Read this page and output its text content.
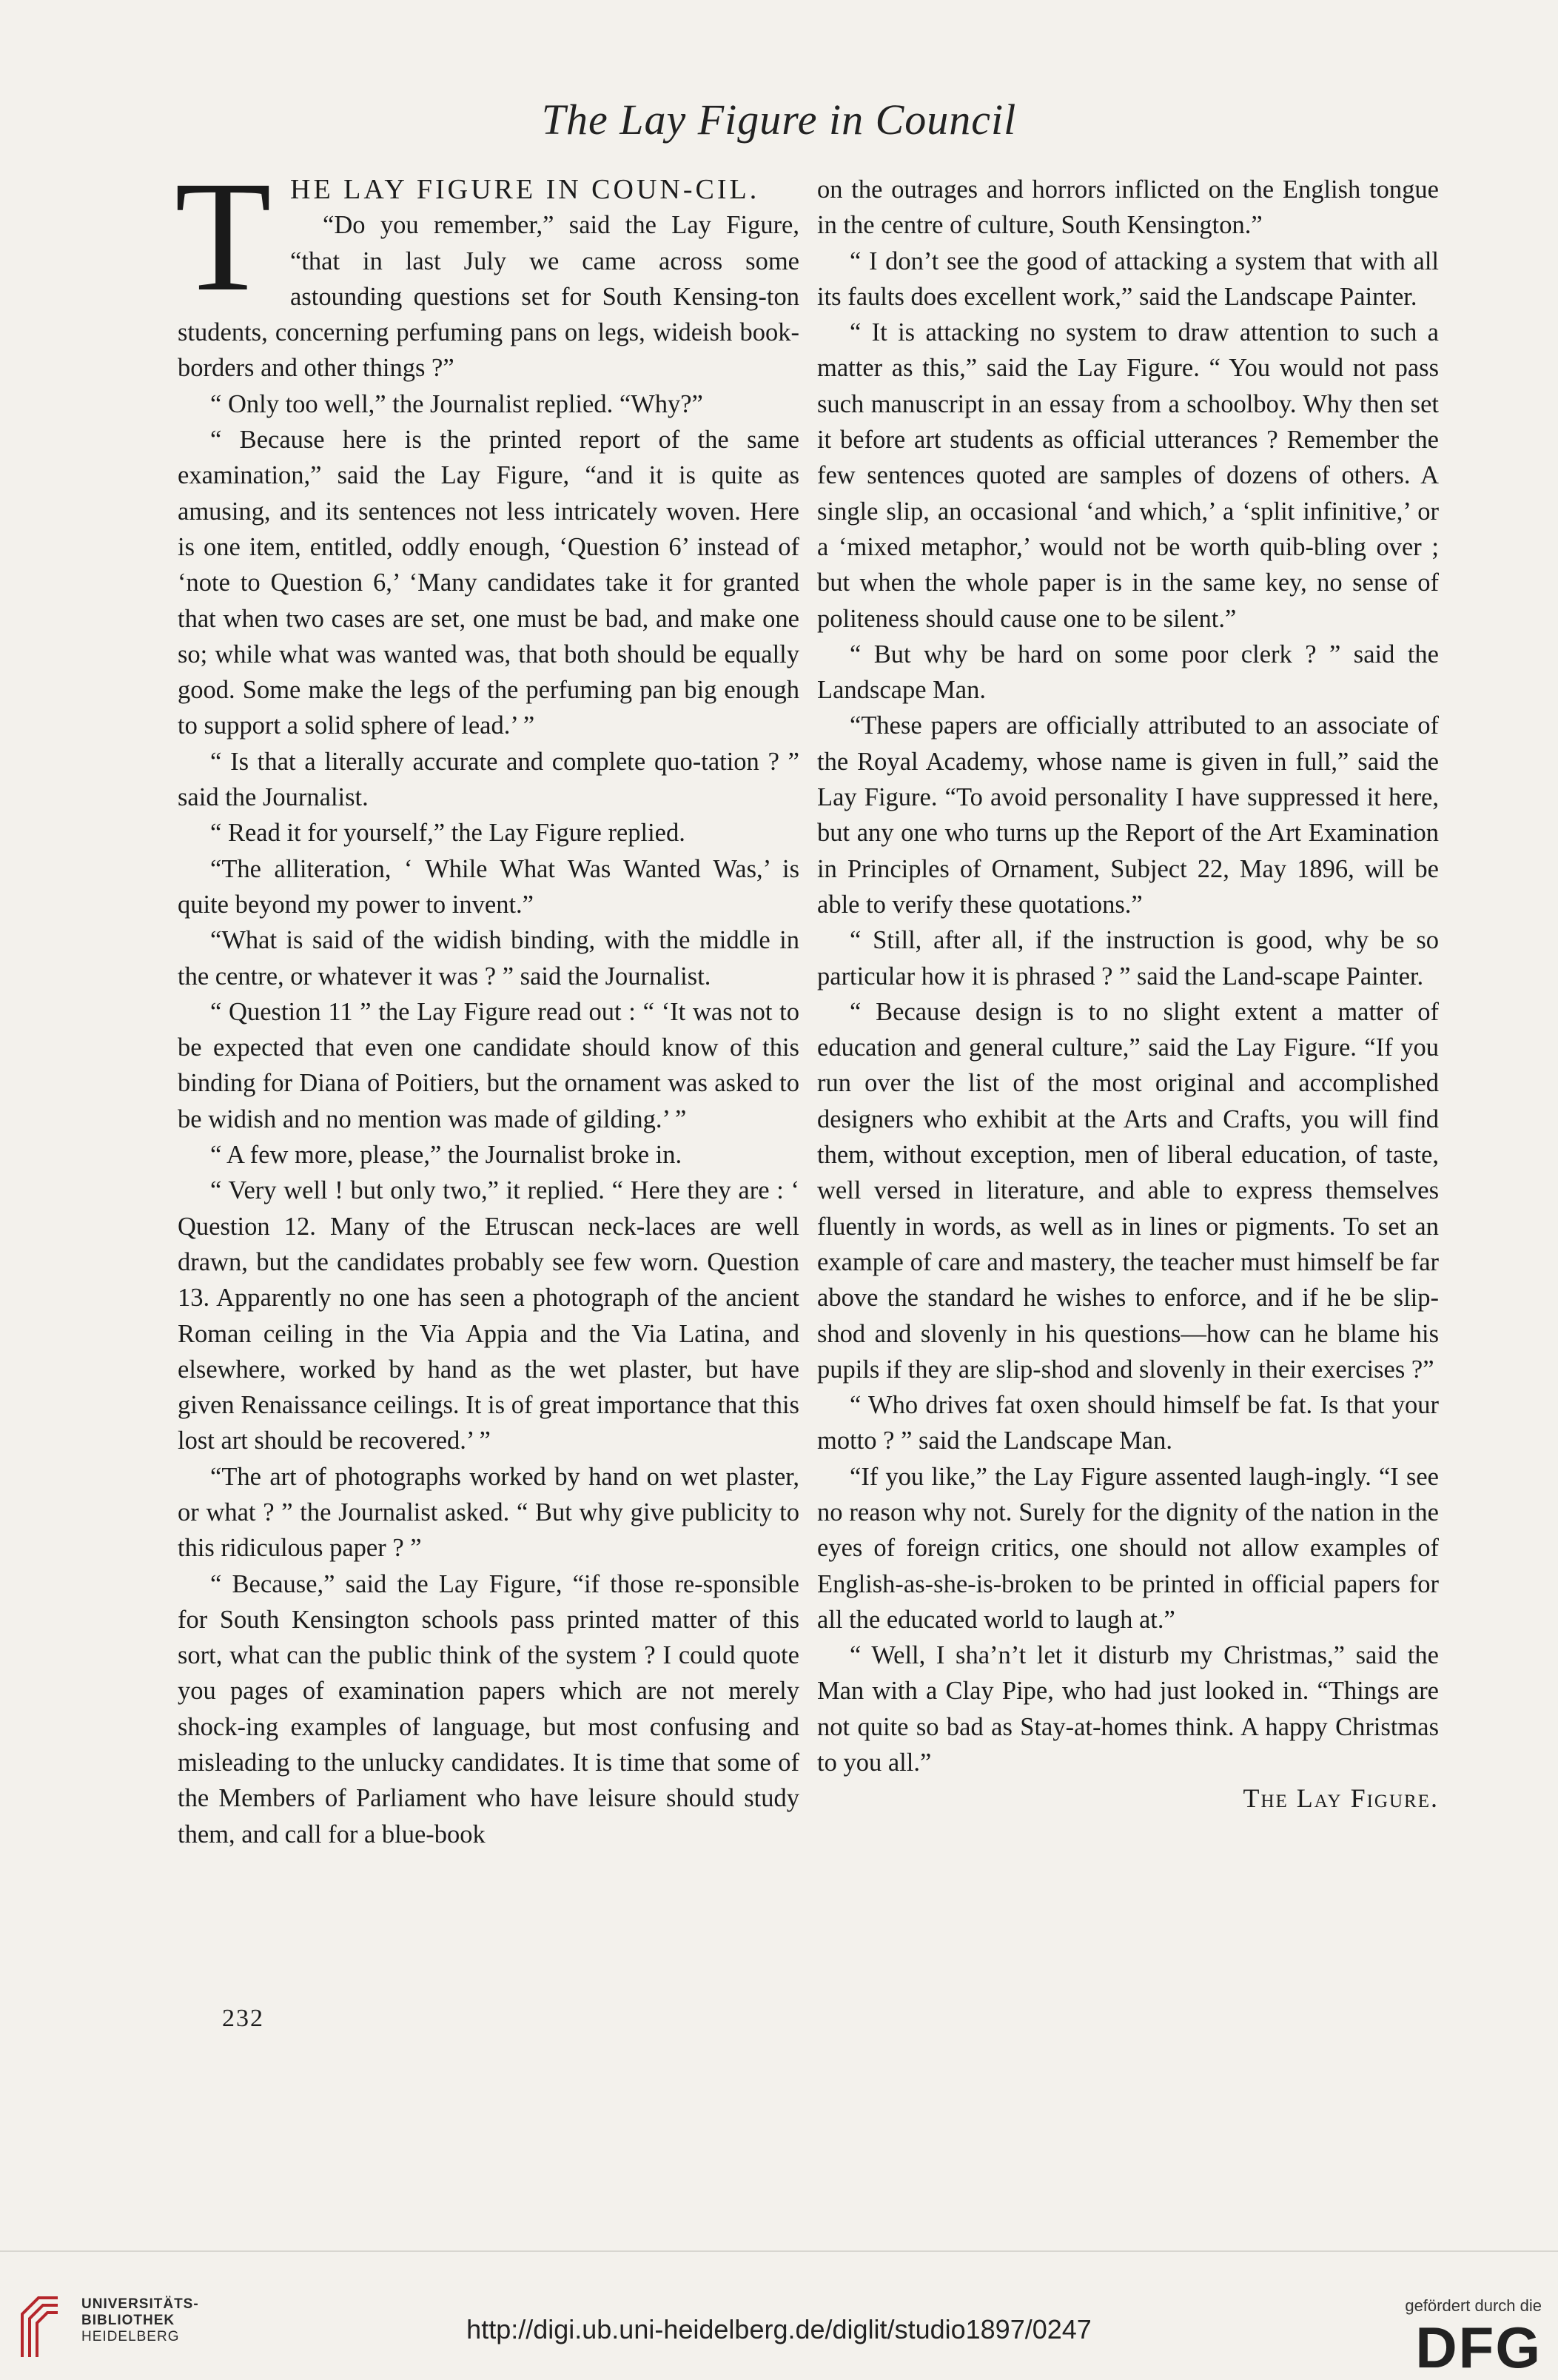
The Lay Figure in Council
T HE LAY FIGURE IN COUN-CIL.

“Do you remember,” said the Lay Figure, “that in last July we came across some astounding questions set for South Kensing-ton students, concerning perfuming pans on legs, wideish book-borders and other things ?”

“ Only too well,” the Journalist replied. “Why?”

“ Because here is the printed report of the same examination,” said the Lay Figure, “and it is quite as amusing, and its sentences not less intricately woven. Here is one item, entitled, oddly enough, ‘Question 6’ instead of ‘note to Question 6,’ ‘Many candidates take it for granted that when two cases are set, one must be bad, and make one so; while what was wanted was, that both should be equally good. Some make the legs of the perfuming pan big enough to support a solid sphere of lead.’ ”

“ Is that a literally accurate and complete quo-tation ? ” said the Journalist.

“ Read it for yourself,” the Lay Figure replied.

“The alliteration, ‘ While What Was Wanted Was,’ is quite beyond my power to invent.”

“What is said of the widish binding, with the middle in the centre, or whatever it was ? ” said the Journalist.

“ Question 11 ” the Lay Figure read out : “ ‘It was not to be expected that even one candidate should know of this binding for Diana of Poitiers, but the ornament was asked to be widish and no mention was made of gilding.’ ”

“ A few more, please,” the Journalist broke in.

“ Very well ! but only two,” it replied. “ Here they are : ‘ Question 12. Many of the Etruscan neck-laces are well drawn, but the candidates probably see few worn. Question 13. Apparently no one has seen a photograph of the ancient Roman ceiling in the Via Appia and the Via Latina, and elsewhere, worked by hand as the wet plaster, but have given Renaissance ceilings. It is of great importance that this lost art should be recovered.’ ”

“The art of photographs worked by hand on wet plaster, or what ? ” the Journalist asked. “ But why give publicity to this ridiculous paper ? ”

“ Because,” said the Lay Figure, “if those re-sponsible for South Kensington schools pass printed matter of this sort, what can the public think of the system ? I could quote you pages of examination papers which are not merely shock-ing examples of language, but most confusing and misleading to the unlucky candidates. It is time that some of the Members of Parliament who have leisure should study them, and call for a blue-book

on the outrages and horrors inflicted on the English tongue in the centre of culture, South Kensington.”

“ I don’t see the good of attacking a system that with all its faults does excellent work,” said the Landscape Painter.

“ It is attacking no system to draw attention to such a matter as this,” said the Lay Figure. “ You would not pass such manuscript in an essay from a schoolboy. Why then set it before art students as official utterances ? Remember the few sentences quoted are samples of dozens of others. A single slip, an occasional ‘and which,’ a ‘split infinitive,’ or a ‘mixed metaphor,’ would not be worth quib-bling over ; but when the whole paper is in the same key, no sense of politeness should cause one to be silent.”

“ But why be hard on some poor clerk ? ” said the Landscape Man.

“These papers are officially attributed to an associate of the Royal Academy, whose name is given in full,” said the Lay Figure. “To avoid personality I have suppressed it here, but any one who turns up the Report of the Art Examination in Principles of Ornament, Subject 22, May 1896, will be able to verify these quotations.”

“ Still, after all, if the instruction is good, why be so particular how it is phrased ? ” said the Land-scape Painter.

“ Because design is to no slight extent a matter of education and general culture,” said the Lay Figure. “If you run over the list of the most original and accomplished designers who exhibit at the Arts and Crafts, you will find them, without exception, men of liberal education, of taste, well versed in literature, and able to express themselves fluently in words, as well as in lines or pigments. To set an example of care and mastery, the teacher must himself be far above the standard he wishes to enforce, and if he be slip-shod and slovenly in his questions—how can he blame his pupils if they are slip-shod and slovenly in their exercises ?”

“ Who drives fat oxen should himself be fat. Is that your motto ? ” said the Landscape Man.

“If you like,” the Lay Figure assented laugh-ingly. “I see no reason why not. Surely for the dignity of the nation in the eyes of foreign critics, one should not allow examples of English-as-she-is-broken to be printed in official papers for all the educated world to laugh at.”

“ Well, I sha’n’t let it disturb my Christmas,” said the Man with a Clay Pipe, who had just looked in. “Things are not quite so bad as Stay-at-homes think. A happy Christmas to you all.”

The Lay Figure.

232
UNIVERSITÄTS-
BIBLIOTHEK
HEIDELBERG	http://digi.ub.uni-heidelberg.de/diglit/studio1897/0247
gefördert durch die
DFG
